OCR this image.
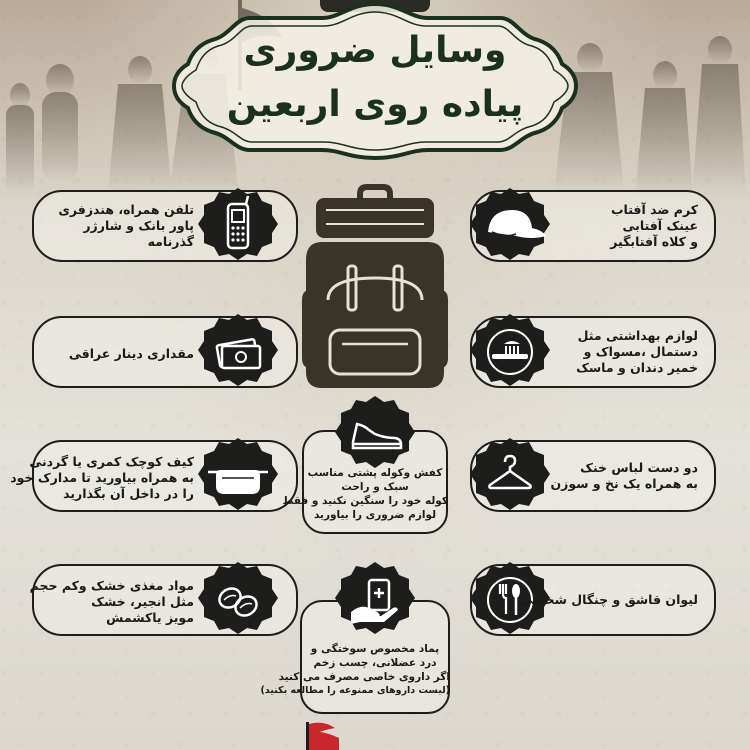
وسایل ضروری
پیاده روی اربعین
تلفن همراه، هندزفری
پاور بانک و شارژر
گذرنامه
کرم ضد آفتاب
عینک آفتابی
و کلاه آفتابگیر
مقداری دینار عراقی
لوازم بهداشتی مثل
دستمال ،مسواک و
خمیر دندان و ماسک
کیف کوچک کمری یا گردنی
به همراه بیاورید تا مدارک خود
را در داخل آن بگذارید
کفش وکوله پشتی مناسب
سبک و راحت
کوله خود را سنگین نکنید و فقط
لوازم ضروری را بیاورید
دو دست لباس خنک
به همراه یک نخ و سوزن
مواد مغذی خشک وکم حجم
مثل انجیر، خشک
مویز یاکشمش
پماد مخصوص سوختگی و
درد عضلانی، چسب زخم
اگر داروی خاصی مصرف می کنید
(لیست داروهای ممنوعه را مطالعه بکنید)
لیوان قاشق و چنگال شخصی
